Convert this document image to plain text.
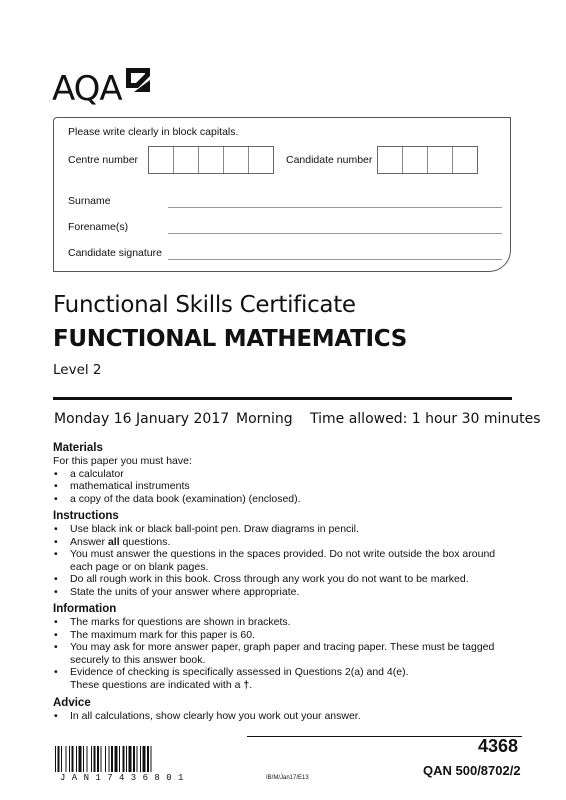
AQA
Please write clearly in block capitals.
Centre number	Candidate number
Surname
Forename(s)
Candidate signature
Functional Skills Certificate
FUNCTIONAL MATHEMATICS
Level 2
Monday 16 January 2017 Morning Time allowed: 1 hour 30 minutes
Materials
For this paper you must have:
• a calculator
• mathematical instruments
• a copy of the data book (examination) (enclosed).
Instructions
• Use black ink or black ball-point pen. Draw diagrams in pencil.
• Answer all questions.
• You must answer the questions in the spaces provided. Do not write outside the box around each page or on blank pages.
• Do all rough work in this book. Cross through any work you do not want to be marked.
• State the units of your answer where appropriate.
Information
• The marks for questions are shown in brackets.
• The maximum mark for this paper is 60.
• You may ask for more answer paper, graph paper and tracing paper. These must be tagged securely to this answer book.
• Evidence of checking is specifically assessed in Questions 2(a) and 4(e).
These questions are indicated with a †.
Advice
• In all calculations, show clearly how you work out your answer.
4368
QAN 500/8702/2
JAN17436801	IB/M/Jan17/E13
